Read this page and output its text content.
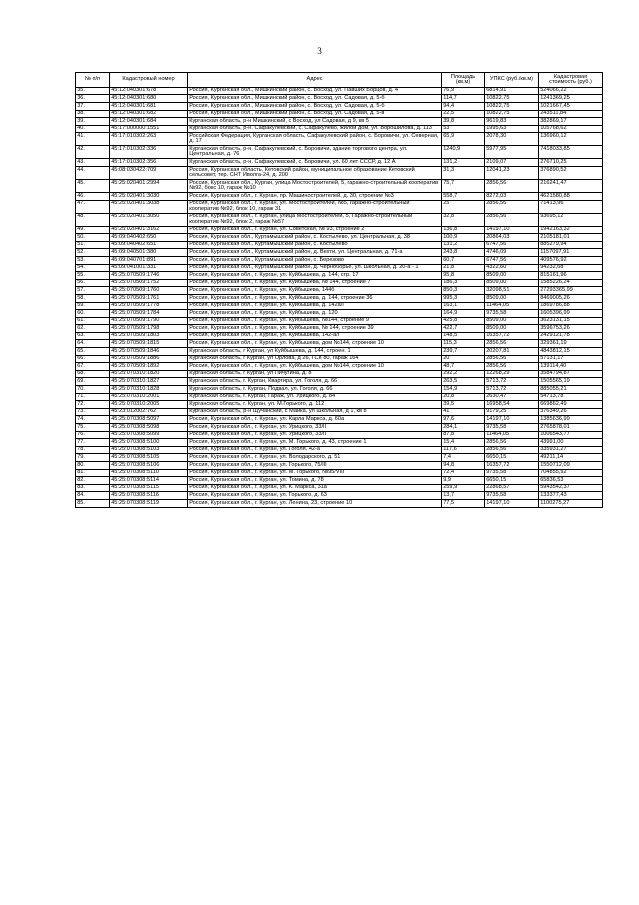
3
№ п/п	Кадастровый номер	Адрес	Площадь (кв.м)	УПКС (руб./кв.м)	Кадастровая стоимость (руб.)
35.	45:12:040301:678	Россия, Курганская обл., Мишкинский район, с. Восход, ул. Павших Борцов, д. 4	76,9	6814,91	524066,22
36.	45:12:040301:680	Россия, Курганская обл., Мишкинский район, с. Восход, ул. Садовая, д. 5-б	114,7	10822,75	1241369,25
37.	45:12:040301:681	Россия, Курганская обл., Мишкинский район, с. Восход, ул. Садовая, д. 5-б	94,4	10822,75	1021667,45
38.	45:12:040301:682	Россия, Курганская обл., Мишкинский район, с. Восход, ул. Садовая, д. 5-в	22,5	10822,75	243511,84
39.	45:12:040301:684	Курганская область, р-н Мишкинский, с Восход, ул Садовая, д 9, кв 5	39,8	9619,83	382869,17
40.	45:17:000000:1551	Курганская область, р-н. Сафакулевский, с. Сафакулево, жилой дом, ул. Ворошилова, д. 113	53	1995,63	105768,62
41.	45:17:010302:263	Российская Федерация, Курганская область, Сафакулевский район, с. Боровичи, ул. Северная, д. 17	65,9	2078,30	136960,12
42.	45:17:010302:336	Курганская область, р-н. Сафакулевский, с. Боровичи, здание торгового центра, ул. Центральная, д. 76	1240,9	5977,95	7418033,85
43.	45:17:010302:356	Курганская область, р-н. Сафакулевский, с. Боровичи, ул. 60 лет СССР, д. 12 А	131,2	2109,07	276710,25
44.	45:08:030422:709	Россия, Курганская область, Кетовский район, муниципальное образование Кетовский сельсовет, тер. СНТ Иволга-24, д. 200	31,3	12041,23	376890,52
45.	45:25:020401:2994	Россия, Курганская обл., Курган, улица Мостостроителей, 5, гаражно-строительный кооператив №92, бокс 10, гараж №10	75,7	2856,56	216241,47
46.	45:25:020401:3030	Россия, Курганская обл., г. Курган, пр. Машиностроителей, д. 30, строение №3	558,7	8272,03	4621580,88
47.	45:25:020401:3038	Россия, Курганская обл., г. Курган, ул. Мостостроителей, №5, гаражно-строительный кооператив №92, блок 10, гараж 31	25	2856,56	71413,96
48.	45:25:020401:3050	Россия, Курганская обл., г. Курган, улица Мостостроителей, 5, Гаражно-строительный кооператив №92, блок 2, гараж №57	32,8	2856,56	93695,12
49.	45:25:020401:3162	Россия, Курганская обл., г. Курган, ул. Советская, № 93, строение 2	136,8	14197,10	1942163,32
50.	45:09:040402:650	Россия, Курганская обл., Куртамышский район, с. Костылево, ул. Центральная, д. 38	100,9	20864,03	2105181,01
51.	45:09:040402:651	Россия, Курганская обл., Куртамышский район, с. Костылево	131,2	6747,56	885279,94
52.	45:09:040501:380	Россия, Курганская обл., Куртамышский район, д. Вехти, ул. Центральная, д. 71-а	243,8	4746,09	1157097,91
53.	45:09:040701:891	Россия, Курганская обл., Куртамышский район, с. Березово	60,7	6747,56	409576,92
54.	45:09:041001:331	Россия, Курганская обл., Куртамышский район, д. Черноборье, ул. Школьная, д. 20-а - 1	21,8	4322,60	94232,68
55.	45:25:070509:1746	Россия, Курганская обл., г. Курган, ул. Куйбышева, д. 144, стр. 17	95,8	8509,00	815161,96
56.	45:25:070509:1752	Россия, Курганская обл., г. Курган, ул. Куйбышева, № 144, строение 7	186,3	8509,00	1585226,24
57.	45:25:070509:1760	Россия, Курганская обл., г. Курган, ул. Куйбышева, 144б	850,3	32098,51	27293365,99
58.	45:25:070509:1761	Россия, Курганская обл., г. Курган, ул. Куйбышева, д. 144, строение 36	995,3	8509,00	8469005,26
59.	45:25:070509:1778	Россия, Курганская обл., г. Курган, ул. Куйбышева, д. 142а/I	163,1	11464,05	1869786,88
60.	45:25:070509:1784	Россия, Курганская обл., г. Курган, ул. Куйбышева, д. 120	164,9	9735,58	1605396,99
61.	45:25:070509:1790	Россия, Курганская обл., г. Курган, ул. Куйбышева, №144, строение 9	425,8	8509,00	3623131,15
62.	45:25:070509:1798	Россия, Курганская обл., г. Курган, ул. Куйбышева, № 144, строение 39	422,7	8509,00	3596753,26
63.	45:25:070509:1803	Россия, Курганская обл., г. Курган, ул. Куйбышева, 142-а/I	148,5	16357,72	2429121,78
64.	45:25:070509:1815	Россия, Курганская обл., г. Курган, ул. Куйбышева, дом №144, строение 10	115,3	2856,56	329361,19
65.	45:25:070509:1846	Курганская область, г Курган, ул Куйбышева, д. 144, строен. 1	239,7	20207,81	4843812,15
66.	45:25:070509:1886	Курганская область, г Курган, ул Орлова, д 26, ГСК 80, гараж 164	20	2856,56	57131,17
67.	45:25:070509:1892	Россия, Курганская обл., г. Курган, ул. Куйбышева, дом №144, строение 10	48,7	2856,56	139114,40
68.	45:25:070310:1820	Курганская область, г Курган, ул Пичугина, д. 8	292,2	12268,29	3584794,87
69.	45:25:070310:1827	Курганская область, г. Курган, Квартира, ул. Гоголя, д. 66	263,5	5713,72	1505565,19
70.	45:25:070310:1828	Курганская область, г. Курган, Подвал, ул. Гоголя, д. 66	154,9	5713,72	885055,21
71.	45:25:070310:2001	Курганская область, г. Курган, Гараж, ул. Урицкого, д. 84	20,8	2630,47	54713,78
72.	45:25:070310:2005	Курганская область, г. Курган, ул. М.Горького, д. 112	39,5	16958,54	669862,49
73.	45:23:012002:762	Курганская область, р-н Щучанский, с Майка, ул Школьная, д 1, кв 8	41	9179,25	376349,26
74.	45:25:070308:5097	Россия, Курганская обл., г. Курган, ул. Карла Маркса, д. 60а	97,6	14197,10	1385636,99
75.	45:25:070308:5098	Россия, Курганская обл., г. Курган, ул. Урицкого, 33/II	284,1	9735,58	2765878,01
76.	45:25:070308:5099	Россия, Курганская обл., г. Курган, ул. Урицкого, 33/II	87,8	11464,05	1006543,77
77.	45:25:070308:5100	Россия, Курганская обл., г. Курган, ул. М. Горького, д. 43, строение 1	15,4	2856,56	43991,00
78.	45:25:070308:5103	Россия, Курганская обл., г. Курган, ул. Гоголя, 42-а	117,6	2856,56	335931,27
79.	45:25:070308:5105	Россия, Курганская обл., г. Курган, ул. Володарского, д. 51	7,4	6650,15	49211,14
80.	45:25:070308:5106	Россия, Курганская обл., г. Курган, ул. Горького, 75/III	94,8	16357,72	1550712,09
81.	45:25:070308:5110	Россия, Курганская обл., г. Курган, ул. М. Горького, №95/VIII	72,4	9735,58	704855,92
82.	45:25:070308:5114	Россия, Курганская обл., г. Курган, ул. Томина, д. 78	9,9	6650,15	65836,53
83.	45:25:070308:5115	Россия, Курганская обл., г. Курган, ул. К. Маркса, 31а	259,9	22868,57	5943542,37
84.	45:25:070308:5116	Россия, Курганская обл., г. Курган, ул. Горького, д. 63	13,7	9735,58	133377,43
85.	45:25:070308:5119	Россия, Курганская обл., г. Курган, ул. Ленина, 23, строение 10	77,5	14197,10	1100275,27
